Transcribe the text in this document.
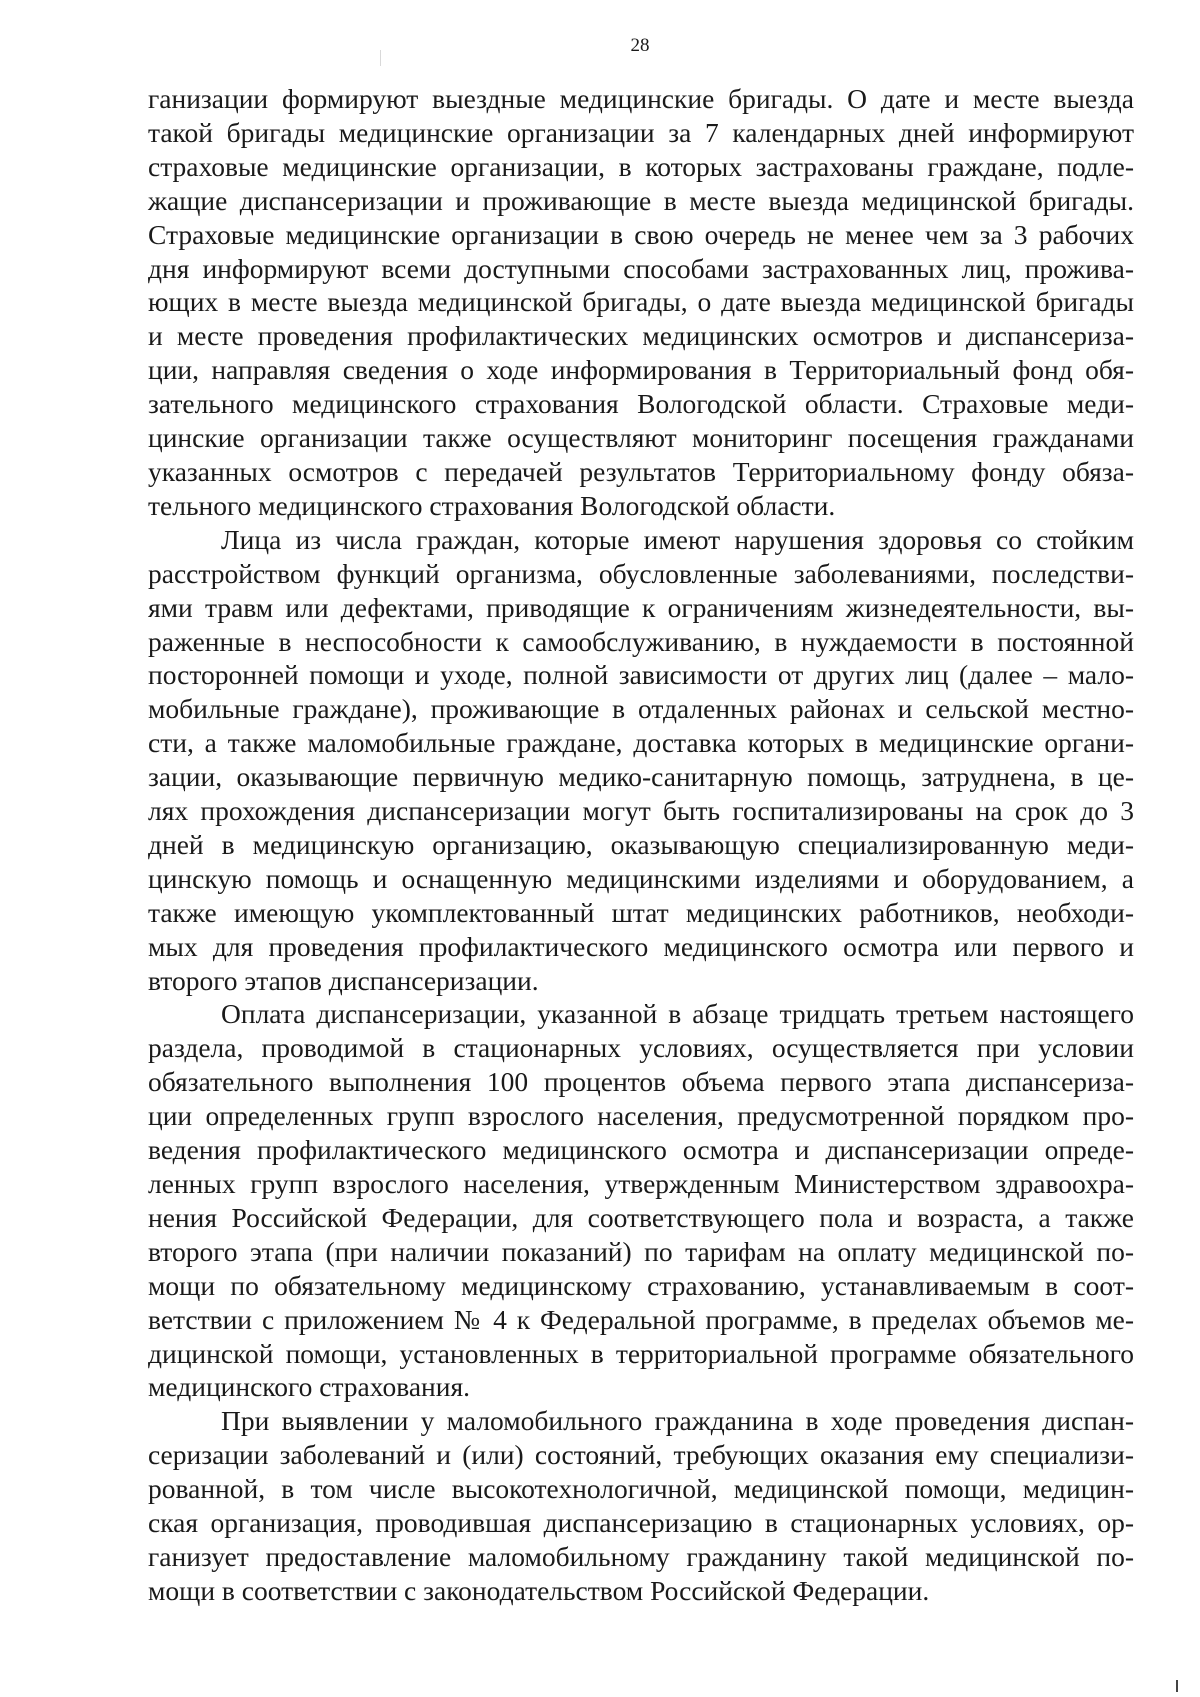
28
ганизации формируют выездные медицинские бригады. О дате и месте выезда
такой бригады медицинские организации за 7 календарных дней информируют
страховые медицинские организации, в которых застрахованы граждане, подле-
жащие диспансеризации и проживающие в месте выезда медицинской бригады.
Страховые медицинские организации в свою очередь не менее чем за 3 рабочих
дня информируют всеми доступными способами застрахованных лиц, прожива-
ющих в месте выезда медицинской бригады, о дате выезда медицинской бригады
и месте проведения профилактических медицинских осмотров и диспансериза-
ции, направляя сведения о ходе информирования в Территориальный фонд обя-
зательного медицинского страхования Вологодской области. Страховые меди-
цинские организации также осуществляют мониторинг посещения гражданами
указанных осмотров с передачей результатов Территориальному фонду обяза-
тельного медицинского страхования Вологодской области.
Лица из числа граждан, которые имеют нарушения здоровья со стойким
расстройством функций организма, обусловленные заболеваниями, последстви-
ями травм или дефектами, приводящие к ограничениям жизнедеятельности, вы-
раженные в неспособности к самообслуживанию, в нуждаемости в постоянной
посторонней помощи и уходе, полной зависимости от других лиц (далее – мало-
мобильные граждане), проживающие в отдаленных районах и сельской местно-
сти, а также маломобильные граждане, доставка которых в медицинские органи-
зации, оказывающие первичную медико-санитарную помощь, затруднена, в це-
лях прохождения диспансеризации могут быть госпитализированы на срок до 3
дней в медицинскую организацию, оказывающую специализированную меди-
цинскую помощь и оснащенную медицинскими изделиями и оборудованием, а
также имеющую укомплектованный штат медицинских работников, необходи-
мых для проведения профилактического медицинского осмотра или первого и
второго этапов диспансеризации.
Оплата диспансеризации, указанной в абзаце тридцать третьем настоящего
раздела, проводимой в стационарных условиях, осуществляется при условии
обязательного выполнения 100 процентов объема первого этапа диспансериза-
ции определенных групп взрослого населения, предусмотренной порядком про-
ведения профилактического медицинского осмотра и диспансеризации опреде-
ленных групп взрослого населения, утвержденным Министерством здравоохра-
нения Российской Федерации, для соответствующего пола и возраста, а также
второго этапа (при наличии показаний) по тарифам на оплату медицинской по-
мощи по обязательному медицинскому страхованию, устанавливаемым в соот-
ветствии с приложением № 4 к Федеральной программе, в пределах объемов ме-
дицинской помощи, установленных в территориальной программе обязательного
медицинского страхования.
При выявлении у маломобильного гражданина в ходе проведения диспан-
серизации заболеваний и (или) состояний, требующих оказания ему специализи-
рованной, в том числе высокотехнологичной, медицинской помощи, медицин-
ская организация, проводившая диспансеризацию в стационарных условиях, ор-
ганизует предоставление маломобильному гражданину такой медицинской по-
мощи в соответствии с законодательством Российской Федерации.
